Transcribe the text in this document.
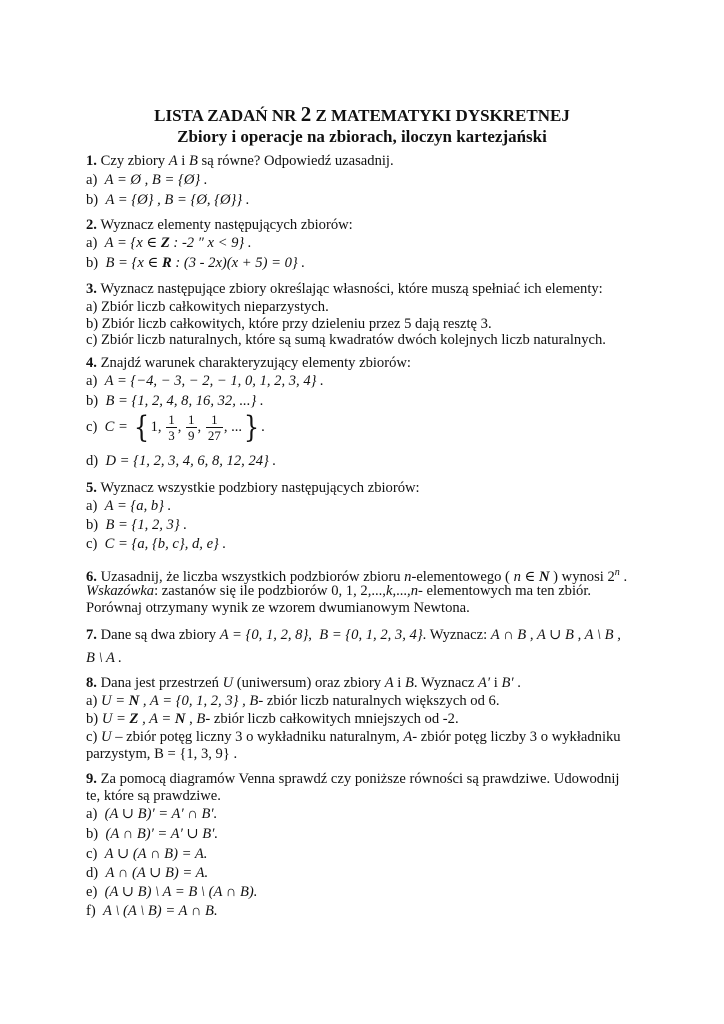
LISTA ZADAŃ NR 2 Z MATEMATYKI DYSKRETNEJ
Zbiory i operacje na zbiorach, iloczyn kartezjański
1. Czy zbiory A i B są równe? Odpowiedź uzasadnij.
a) A = Ø , B = {Ø} .
b) A = {Ø} , B = {Ø, {Ø}} .
2. Wyznacz elementy następujących zbiorów:
a) A = {x ∈ Z : -2 ″ x < 9} .
b) B = {x ∈ R : (3 - 2x)(x + 5) = 0} .
3. Wyznacz następujące zbiory określając własności, które muszą spełniać ich elementy:
a) Zbiór liczb całkowitych nieparzystych.
b) Zbiór liczb całkowitych, które przy dzieleniu przez 5 dają resztę 3.
c) Zbiór liczb naturalnych, które są sumą kwadratów dwóch kolejnych liczb naturalnych.
4. Znajdź warunek charakteryzujący elementy zbiorów:
a) A = {−4, − 3, − 2, − 1, 0, 1, 2, 3, 4} .
b) B = {1, 2, 4, 8, 16, 32, ...} .
c) C = { 1, $\frac{1}{3}$ , $\frac{1}{9}$ , $\frac{1}{27}$ , ...} .
d) D = {1, 2, 3, 4, 6, 8, 12, 24} .
5. Wyznacz wszystkie podzbiory następujących zbiorów:
a) A = {a, b} .
b) B = {1, 2, 3} .
c) C = {a, {b, c}, d, e} .
6. Uzasadnij, że liczba wszystkich podzbiorów zbioru n-elementowego ( n ∈ N ) wynosi 2$^n$ .
Wskazówka: zastanów się ile podzbiorów 0, 1, 2,...,k,...,n- elementowych ma ten zbiór.
Porównaj otrzymany wynik ze wzorem dwumianowym Newtona.
7. Dane są dwa zbiory A = {0, 1, 2, 8},  B = {0, 1, 2, 3, 4}. Wyznacz: A ∩ B , A ∪ B , A \ B ,
B \ A .
8. Dana jest przestrzeń U (uniwersum) oraz zbiory A i B. Wyznacz A′ i B′ .
a) U = N , A = {0, 1, 2, 3} , B- zbiór liczb naturalnych większych od 6.
b) U = Z , A = N , B- zbiór liczb całkowitych mniejszych od -2.
c) U – zbiór potęg liczny 3 o wykładniku naturalnym, A- zbiór potęg liczby 3 o wykładniku
parzystym, B = {1, 3, 9} .
9. Za pomocą diagramów Venna sprawdź czy poniższe równości są prawdziwe. Udowodnij
te, które są prawdziwe.
a) (A ∪ B)′ = A′ ∩ B′.
b) (A ∩ B)′ = A′ ∪ B′.
c) A ∪ (A ∩ B) = A.
d) A ∩ (A ∪ B) = A.
e) (A ∪ B) \ A = B \ (A ∩ B).
f) A \ (A \ B) = A ∩ B.
